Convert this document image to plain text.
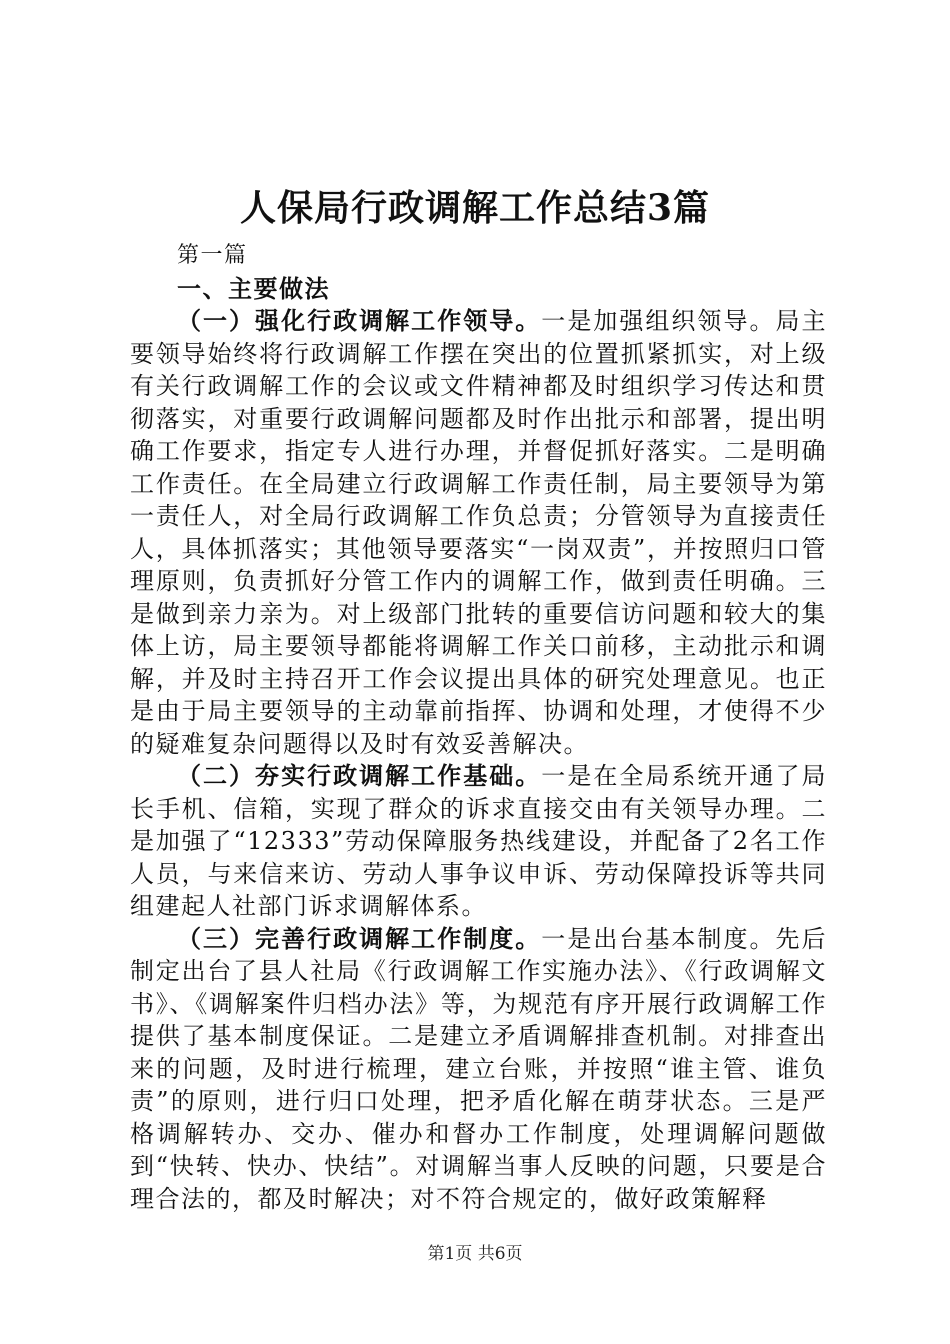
人保局行政调解工作总结3篇

第一篇

一、主要做法

（一）强化行政调解工作领导。一是加强组织领导。局主要领导始终将行政调解工作摆在突出的位置抓紧抓实，对上级有关行政调解工作的会议或文件精神都及时组织学习传达和贯彻落实，对重要行政调解问题都及时作出批示和部署，提出明确工作要求，指定专人进行办理，并督促抓好落实。二是明确工作责任。在全局建立行政调解工作责任制，局主要领导为第一责任人，对全局行政调解工作负总责；分管领导为直接责任人，具体抓落实；其他领导要落实“一岗双责”，并按照归口管理原则，负责抓好分管工作内的调解工作，做到责任明确。三是做到亲力亲为。对上级部门批转的重要信访问题和较大的集体上访，局主要领导都能将调解工作关口前移，主动批示和调解，并及时主持召开工作会议提出具体的研究处理意见。也正是由于局主要领导的主动靠前指挥、协调和处理，才使得不少的疑难复杂问题得以及时有效妥善解决。

（二）夯实行政调解工作基础。一是在全局系统开通了局长手机、信箱，实现了群众的诉求直接交由有关领导办理。二是加强了“12333”劳动保障服务热线建设，并配备了2名工作人员，与来信来访、劳动人事争议申诉、劳动保障投诉等共同组建起人社部门诉求调解体系。

（三）完善行政调解工作制度。一是出台基本制度。先后制定出台了县人社局《行政调解工作实施办法》、《行政调解文书》、《调解案件归档办法》等，为规范有序开展行政调解工作提供了基本制度保证。二是建立矛盾调解排查机制。对排查出来的问题，及时进行梳理，建立台账，并按照“谁主管、谁负责”的原则，进行归口处理，把矛盾化解在萌芽状态。三是严格调解转办、交办、催办和督办工作制度，处理调解问题做到“快转、快办、快结”。对调解当事人反映的问题，只要是合理合法的，都及时解决；对不符合规定的，做好政策解释

第1页 共6页
